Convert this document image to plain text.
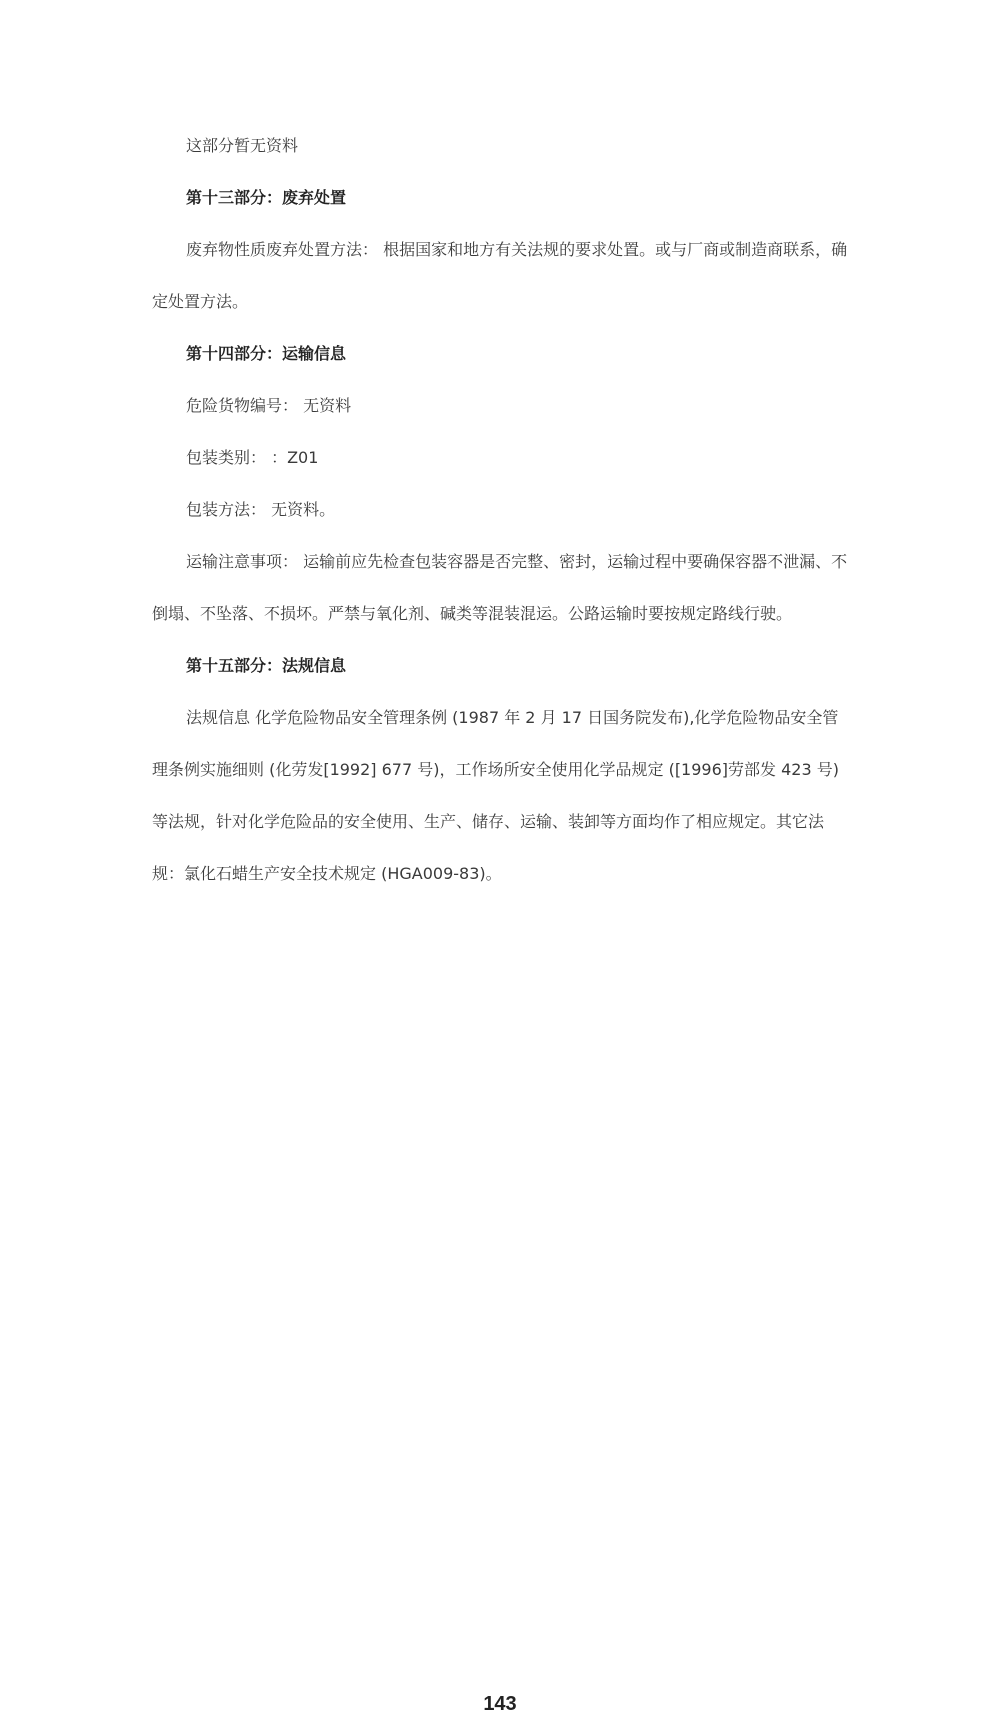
这部分暂无资料

第十三部分：废弃处置

废弃物性质废弃处置方法： 根据国家和地方有关法规的要求处置。或与厂商或制造商联系，确定处置方法。

第十四部分：运输信息

危险货物编号： 无资料

包装类别： ：Z01

包装方法： 无资料。

运输注意事项： 运输前应先检查包装容器是否完整、密封，运输过程中要确保容器不泄漏、不倒塌、不坠落、不损坏。严禁与氧化剂、碱类等混装混运。公路运输时要按规定路线行驶。

第十五部分：法规信息

法规信息 化学危险物品安全管理条例 (1987 年 2 月 17 日国务院发布),化学危险物品安全管理条例实施细则 (化劳发[1992] 677 号)，工作场所安全使用化学品规定 ([1996]劳部发 423 号)等法规，针对化学危险品的安全使用、生产、储存、运输、装卸等方面均作了相应规定。其它法规：氯化石蜡生产安全技术规定 (HGA009-83)。

143
